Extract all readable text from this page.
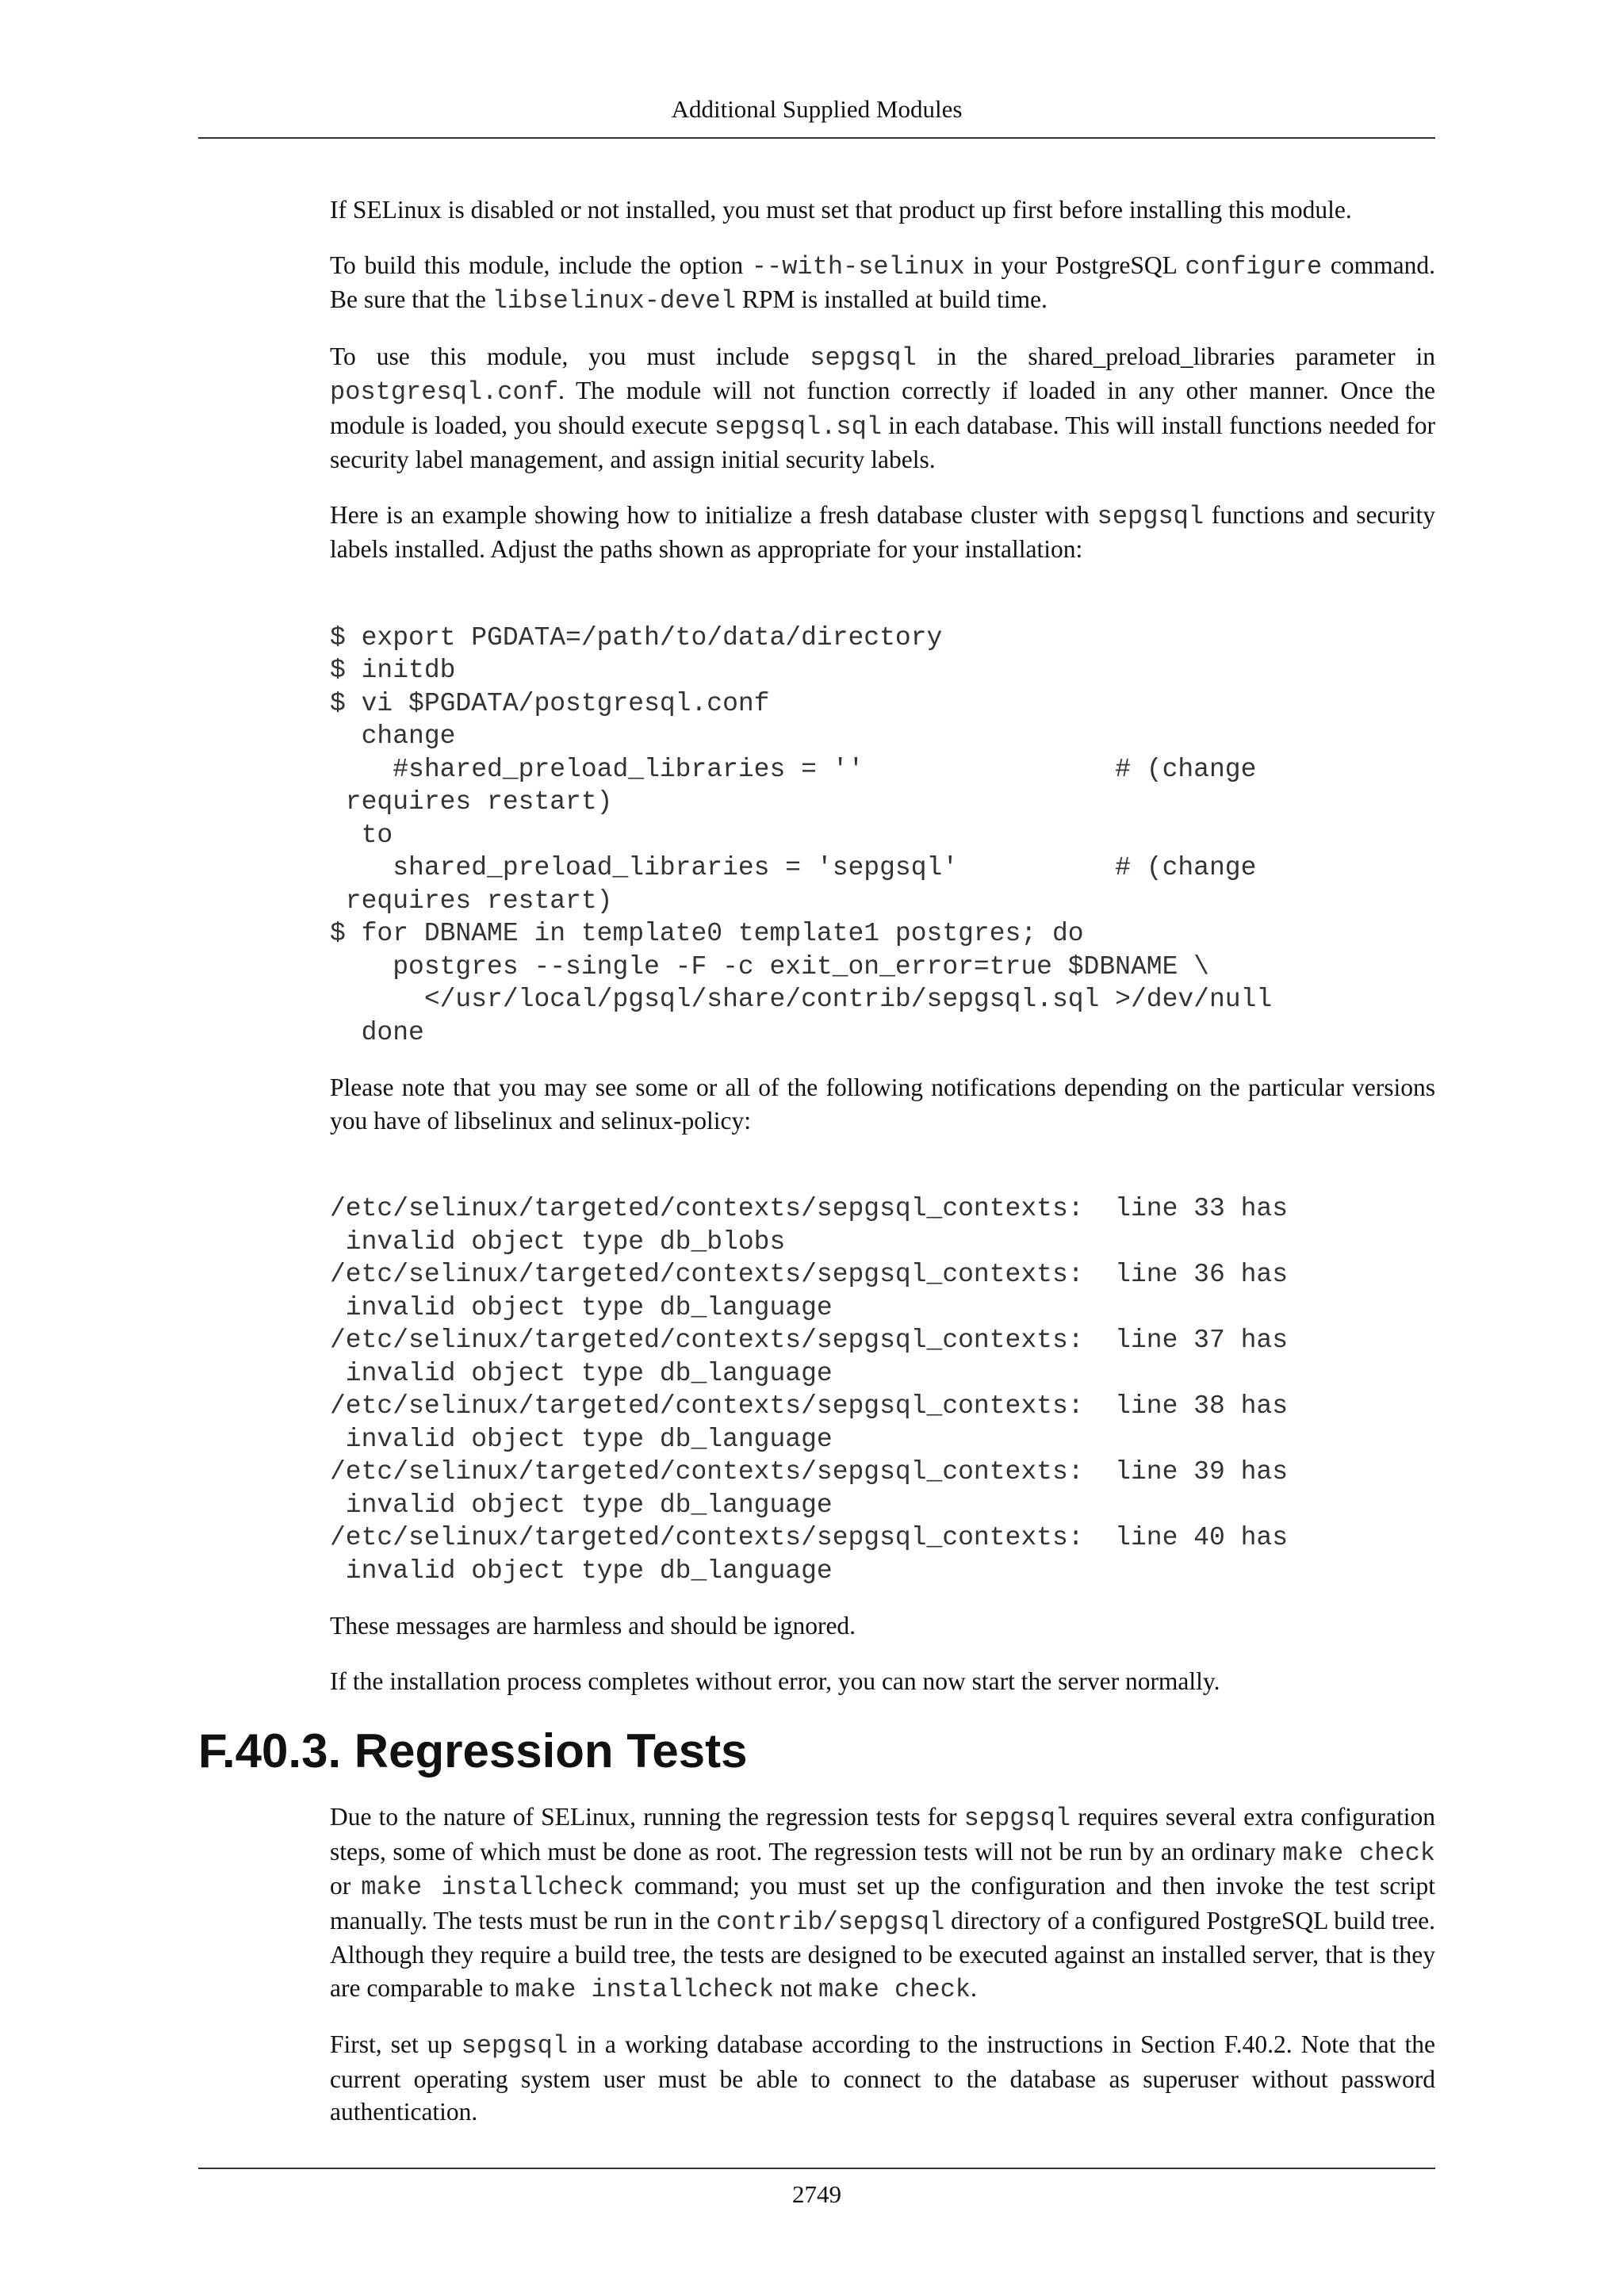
Additional Supplied Modules

If SELinux is disabled or not installed, you must set that product up first before installing this module.

To build this module, include the option --with-selinux in your PostgreSQL configure command. Be sure that the libselinux-devel RPM is installed at build time.

To use this module, you must include sepgsql in the shared_preload_libraries parameter in postgresql.conf. The module will not function correctly if loaded in any other manner. Once the module is loaded, you should execute sepgsql.sql in each database. This will install functions needed for security label management, and assign initial security labels.

Here is an example showing how to initialize a fresh database cluster with sepgsql functions and security labels installed. Adjust the paths shown as appropriate for your installation:

$ export PGDATA=/path/to/data/directory
$ initdb
$ vi $PGDATA/postgresql.conf
change
#shared_preload_libraries = ''                # (change
requires restart)
to
shared_preload_libraries = 'sepgsql'          # (change
requires restart)
$ for DBNAME in template0 template1 postgres; do
postgres --single -F -c exit_on_error=true $DBNAME \
</usr/local/pgsql/share/contrib/sepgsql.sql >/dev/null
done

Please note that you may see some or all of the following notifications depending on the particular versions you have of libselinux and selinux-policy:

/etc/selinux/targeted/contexts/sepgsql_contexts:  line 33 has
invalid object type db_blobs
/etc/selinux/targeted/contexts/sepgsql_contexts:  line 36 has
invalid object type db_language
/etc/selinux/targeted/contexts/sepgsql_contexts:  line 37 has
invalid object type db_language
/etc/selinux/targeted/contexts/sepgsql_contexts:  line 38 has
invalid object type db_language
/etc/selinux/targeted/contexts/sepgsql_contexts:  line 39 has
invalid object type db_language
/etc/selinux/targeted/contexts/sepgsql_contexts:  line 40 has
invalid object type db_language

These messages are harmless and should be ignored.

If the installation process completes without error, you can now start the server normally.

F.40.3. Regression Tests

Due to the nature of SELinux, running the regression tests for sepgsql requires several extra configuration steps, some of which must be done as root. The regression tests will not be run by an ordinary make check or make installcheck command; you must set up the configuration and then invoke the test script manually. The tests must be run in the contrib/sepgsql directory of a configured PostgreSQL build tree. Although they require a build tree, the tests are designed to be executed against an installed server, that is they are comparable to make installcheck not make check.

First, set up sepgsql in a working database according to the instructions in Section F.40.2. Note that the current operating system user must be able to connect to the database as superuser without password authentication.

2749
